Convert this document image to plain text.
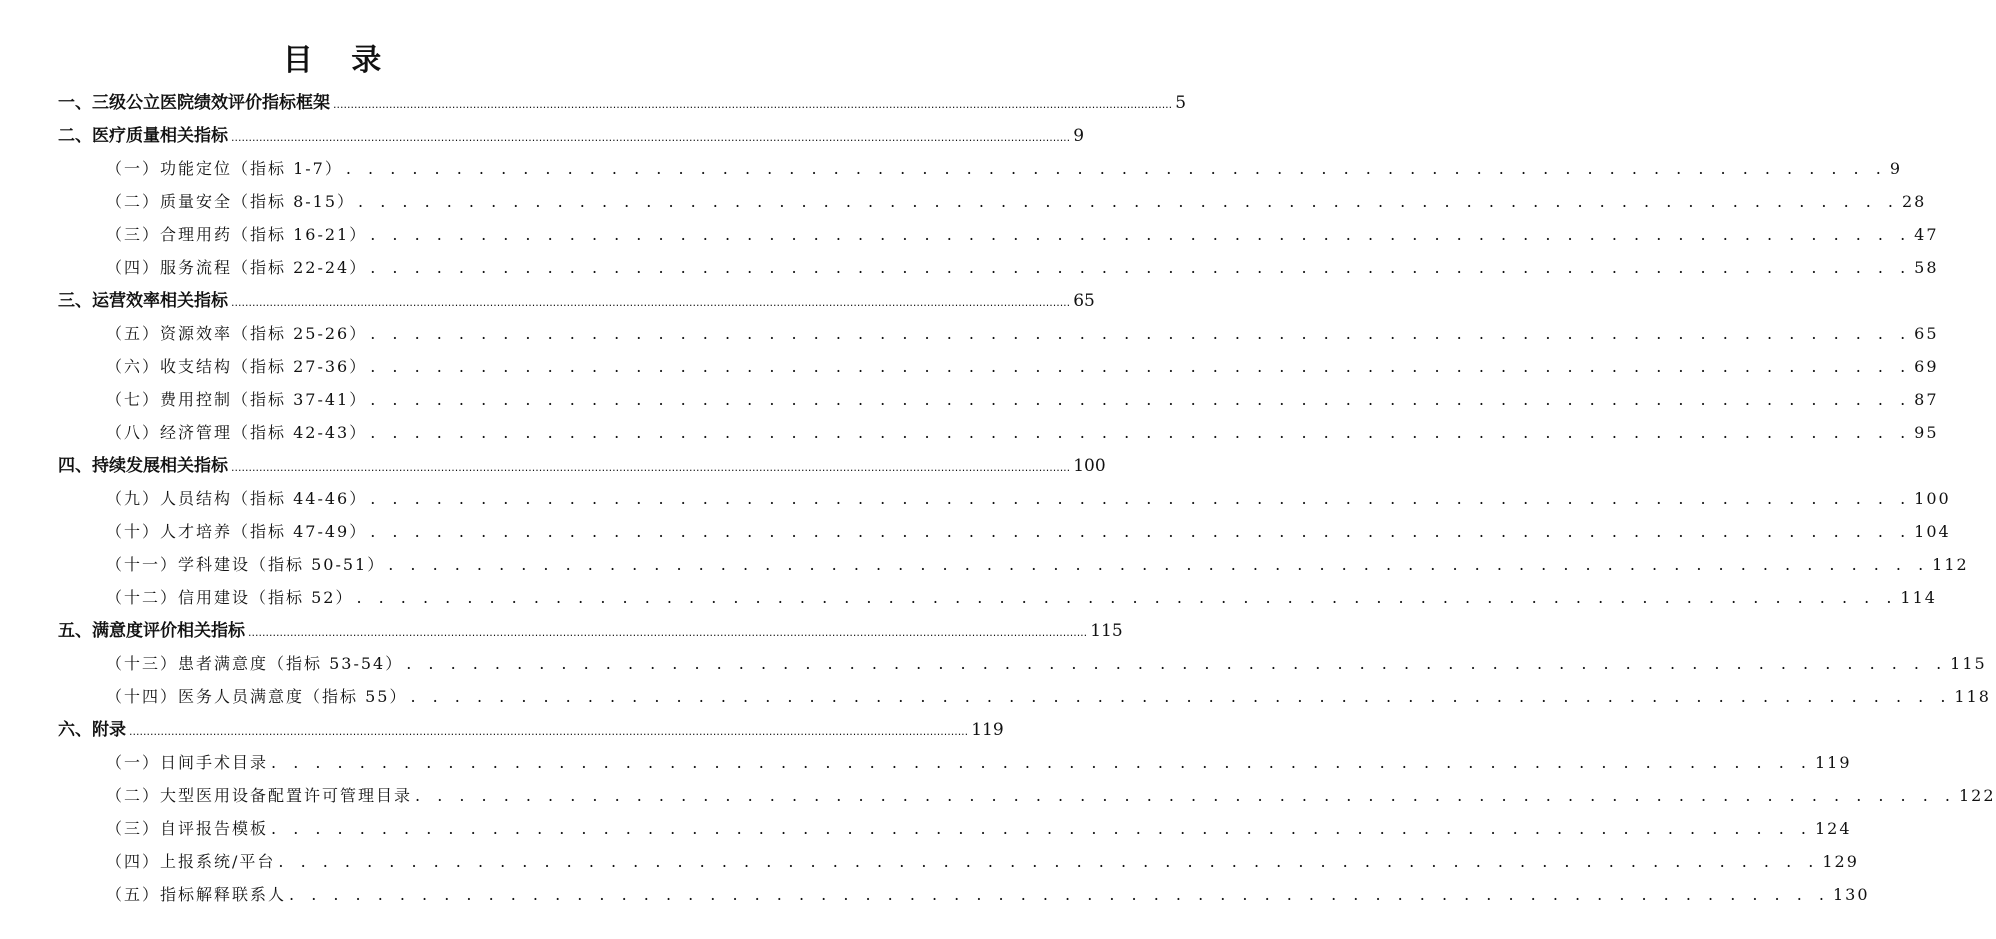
目 录
一、三级公立医院绩效评价指标框架 ................................................................................................................................................................................................................................................ 5
二、医疗质量相关指标 ................................................................................................................................................................................................................................................ 9
（一）功能定位（指标 1-7） . . . . . . . . . . . . . . . . . . . . . . . . . . . . . . . . . . . . . . . . . . . . . . . . . . . . . . . . . . . . . . . . . . . . . . 9
（二）质量安全（指标 8-15） . . . . . . . . . . . . . . . . . . . . . . . . . . . . . . . . . . . . . . . . . . . . . . . . . . . . . . . . . . . . . . . . . . . . . . 28
（三）合理用药（指标 16-21） . . . . . . . . . . . . . . . . . . . . . . . . . . . . . . . . . . . . . . . . . . . . . . . . . . . . . . . . . . . . . . . . . . . . . . 47
（四）服务流程（指标 22-24） . . . . . . . . . . . . . . . . . . . . . . . . . . . . . . . . . . . . . . . . . . . . . . . . . . . . . . . . . . . . . . . . . . . . . . 58
三、运营效率相关指标 ................................................................................................................................................................................................................................................ 65
（五）资源效率（指标 25-26） . . . . . . . . . . . . . . . . . . . . . . . . . . . . . . . . . . . . . . . . . . . . . . . . . . . . . . . . . . . . . . . . . . . . . . 65
（六）收支结构（指标 27-36） . . . . . . . . . . . . . . . . . . . . . . . . . . . . . . . . . . . . . . . . . . . . . . . . . . . . . . . . . . . . . . . . . . . . . . 69
（七）费用控制（指标 37-41） . . . . . . . . . . . . . . . . . . . . . . . . . . . . . . . . . . . . . . . . . . . . . . . . . . . . . . . . . . . . . . . . . . . . . . 87
（八）经济管理（指标 42-43） . . . . . . . . . . . . . . . . . . . . . . . . . . . . . . . . . . . . . . . . . . . . . . . . . . . . . . . . . . . . . . . . . . . . . . 95
四、持续发展相关指标 ................................................................................................................................................................................................................................................ 100
（九）人员结构（指标 44-46） . . . . . . . . . . . . . . . . . . . . . . . . . . . . . . . . . . . . . . . . . . . . . . . . . . . . . . . . . . . . . . . . . . . . . . 100
（十）人才培养（指标 47-49） . . . . . . . . . . . . . . . . . . . . . . . . . . . . . . . . . . . . . . . . . . . . . . . . . . . . . . . . . . . . . . . . . . . . . . 104
（十一）学科建设（指标 50-51） . . . . . . . . . . . . . . . . . . . . . . . . . . . . . . . . . . . . . . . . . . . . . . . . . . . . . . . . . . . . . . . . . . . . . . 112
（十二）信用建设（指标 52） . . . . . . . . . . . . . . . . . . . . . . . . . . . . . . . . . . . . . . . . . . . . . . . . . . . . . . . . . . . . . . . . . . . . . . 114
五、满意度评价相关指标 ................................................................................................................................................................................................................................................ 115
（十三）患者满意度（指标 53-54） . . . . . . . . . . . . . . . . . . . . . . . . . . . . . . . . . . . . . . . . . . . . . . . . . . . . . . . . . . . . . . . . . . . . . . 115
（十四）医务人员满意度（指标 55） . . . . . . . . . . . . . . . . . . . . . . . . . . . . . . . . . . . . . . . . . . . . . . . . . . . . . . . . . . . . . . . . . . . . . . 118
六、附录 ................................................................................................................................................................................................................................................ 119
（一）日间手术目录 . . . . . . . . . . . . . . . . . . . . . . . . . . . . . . . . . . . . . . . . . . . . . . . . . . . . . . . . . . . . . . . . . . . . . . 119
（二）大型医用设备配置许可管理目录 . . . . . . . . . . . . . . . . . . . . . . . . . . . . . . . . . . . . . . . . . . . . . . . . . . . . . . . . . . . . . . . . . . . . . . 122
（三）自评报告模板 . . . . . . . . . . . . . . . . . . . . . . . . . . . . . . . . . . . . . . . . . . . . . . . . . . . . . . . . . . . . . . . . . . . . . . 124
（四）上报系统/平台 . . . . . . . . . . . . . . . . . . . . . . . . . . . . . . . . . . . . . . . . . . . . . . . . . . . . . . . . . . . . . . . . . . . . . . 129
（五）指标解释联系人 . . . . . . . . . . . . . . . . . . . . . . . . . . . . . . . . . . . . . . . . . . . . . . . . . . . . . . . . . . . . . . . . . . . . . . 130
